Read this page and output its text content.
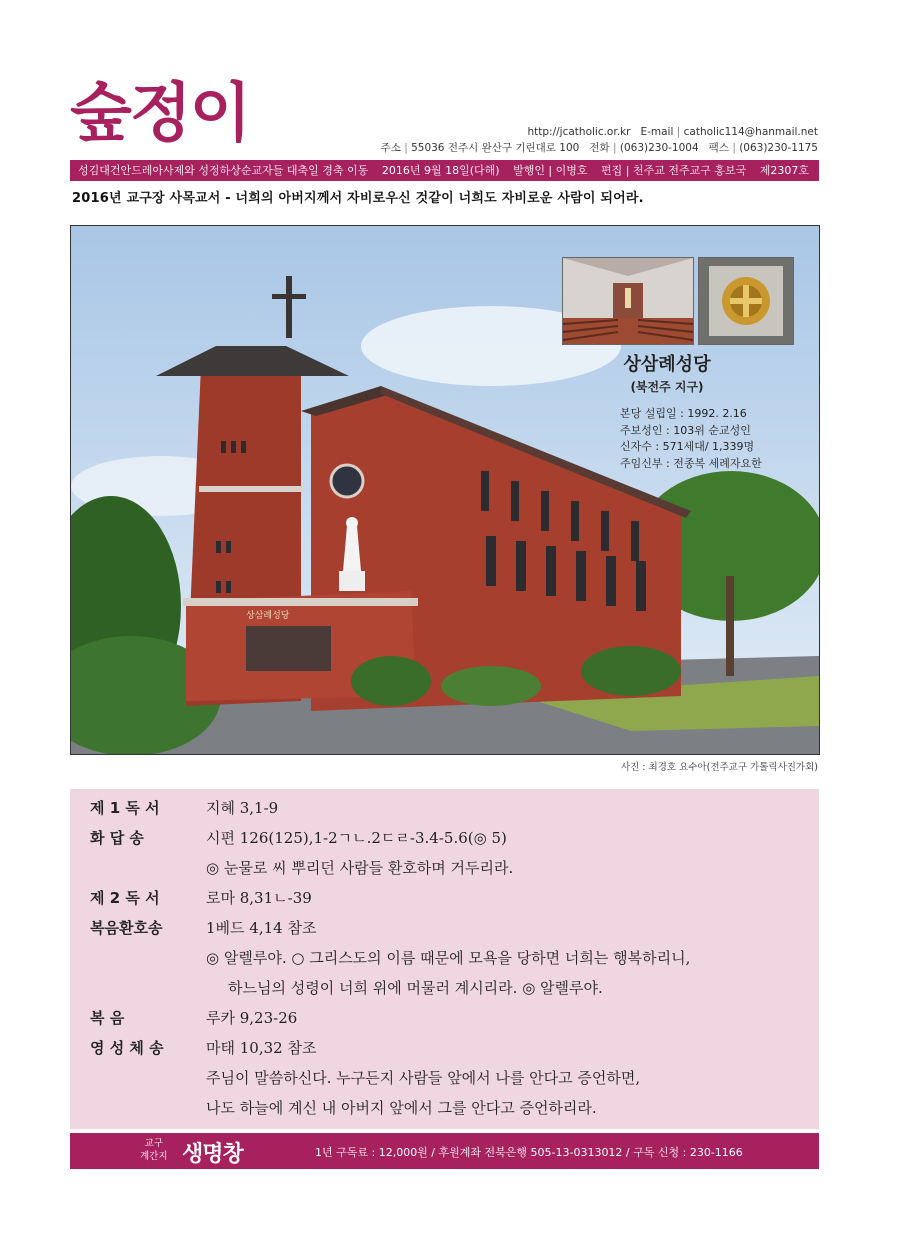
숲정이	http://jcatholic.or.kr E-mail | catholic114@hanmail.net
주소 | 55036 전주시 완산구 기린대로 100 전화 | (063)230-1004 팩스 | (063)230-1175
성김대건안드레아사제와 성정하상순교자들 대축일 경축 이동	2016년 9월 18일(다해) 발행인 | 이병호 편집 | 천주교 전주교구 홍보국 제2307호
2016년 교구장 사목교서 - 너희의 아버지께서 자비로우신 것같이 너희도 자비로운 사람이 되어라.
상삼례성당
상삼례성당
(북전주 지구)
본당 설립일 : 1992. 2.16
주보성인 : 103위 순교성인
신자수 : 571세대/ 1,339명
주임신부 : 전종복 세례자요한
사진 : 최경호 요수아(전주교구 가톨릭사진가회)
제 1 독 서	지혜 3,1-9
화 답 송	시편 126(125),1-2ㄱㄴ.2ㄷㄹ-3.4-5.6(◎ 5)
◎ 눈물로 씨 뿌리던 사람들 환호하며 거두리라.
제 2 독 서	로마 8,31ㄴ-39
복음환호송	1베드 4,14 참조
◎ 알렐루야. ○ 그리스도의 이름 때문에 모욕을 당하면 너희는 행복하리니,
하느님의 성령이 너희 위에 머물러 계시리라. ◎ 알렐루야.
복 음	루카 9,23-26
영 성 체 송	마태 10,32 참조
주님이 말씀하신다. 누구든지 사람들 앞에서 나를 안다고 증언하면,
나도 하늘에 계신 내 아버지 앞에서 그를 안다고 증언하리라.
교구
계간지 생명창	1년 구독료 : 12,000원 / 후원계좌 전북은행 505-13-0313012 / 구독 신청 : 230-1166
